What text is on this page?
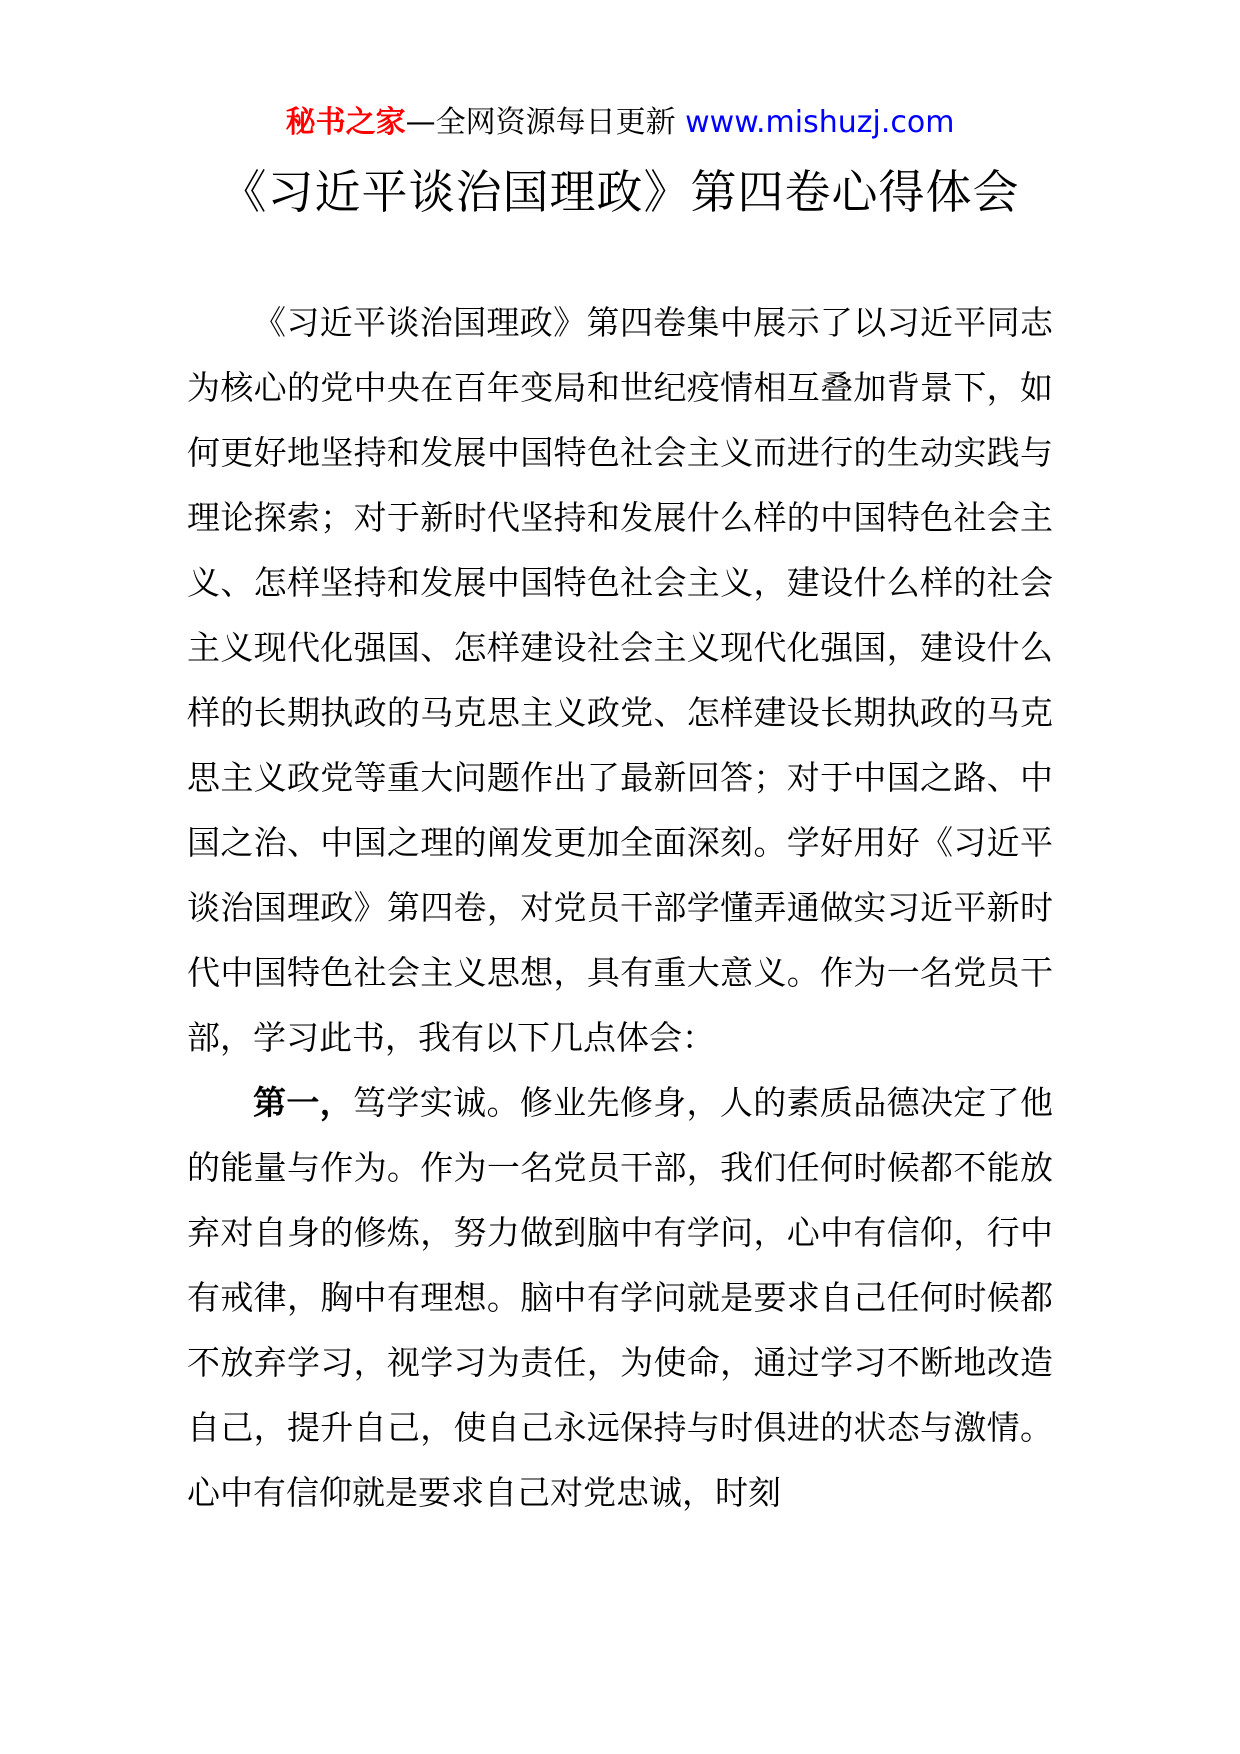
秘书之家—全网资源每日更新 www.mishuzj.com
《习近平谈治国理政》第四卷心得体会

《习近平谈治国理政》第四卷集中展示了以习近平同志为核心的党中央在百年变局和世纪疫情相互叠加背景下，如何更好地坚持和发展中国特色社会主义而进行的生动实践与理论探索；对于新时代坚持和发展什么样的中国特色社会主义、怎样坚持和发展中国特色社会主义，建设什么样的社会主义现代化强国、怎样建设社会主义现代化强国，建设什么样的长期执政的马克思主义政党、怎样建设长期执政的马克思主义政党等重大问题作出了最新回答；对于中国之路、中国之治、中国之理的阐发更加全面深刻。学好用好《习近平谈治国理政》第四卷，对党员干部学懂弄通做实习近平新时代中国特色社会主义思想，具有重大意义。作为一名党员干部，学习此书，我有以下几点体会：

第一，笃学实诚。修业先修身，人的素质品德决定了他的能量与作为。作为一名党员干部，我们任何时候都不能放弃对自身的修炼，努力做到脑中有学问，心中有信仰，行中有戒律，胸中有理想。脑中有学问就是要求自己任何时候都不放弃学习，视学习为责任，为使命，通过学习不断地改造自己，提升自己，使自己永远保持与时俱进的状态与激情。心中有信仰就是要求自己对党忠诚，时刻
